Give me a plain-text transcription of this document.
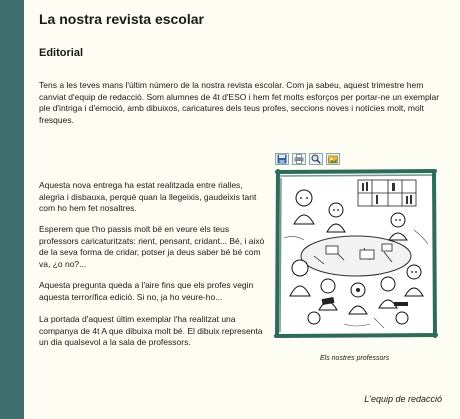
La nostra revista escolar
Editorial

Tens a les teves mans l'últim número de la nostra revista escolar. Com ja sabeu, aquest trimestre hem canviat d'equip de redacció. Som alumnes de 4t d'ESO i hem fet molts esforços per portar-ne un exemplar ple d'intriga i d'emoció, amb dibuixos, caricatures dels teus profes, seccions noves i notícies molt, molt fresques.

Aquesta nova entrega ha estat realitzada entre rialles, alegria i disbauxa, perquè quan la llegeixis, gaudeixis tant com ho hem fet nosaltres.

Esperem que t'ho passis molt bé en veure els teus professors caricaturitzats: rient, pensant, cridant... Bé, i això de la seva forma de cridar, potser ja deus saber bé bé com va, ¿o no?...

Aquesta pregunta queda a l'aire fins que els profes vegin aquesta terrorífica edició. Si no, ja ho veure-ho...

La portada d'aquest últim exemplar l'ha realitzat una companya de 4t A que dibuixa molt bé. El dibuix representa un dia qualsevol a la sala de professors.

Els nostres professors

L'equip de redacció
